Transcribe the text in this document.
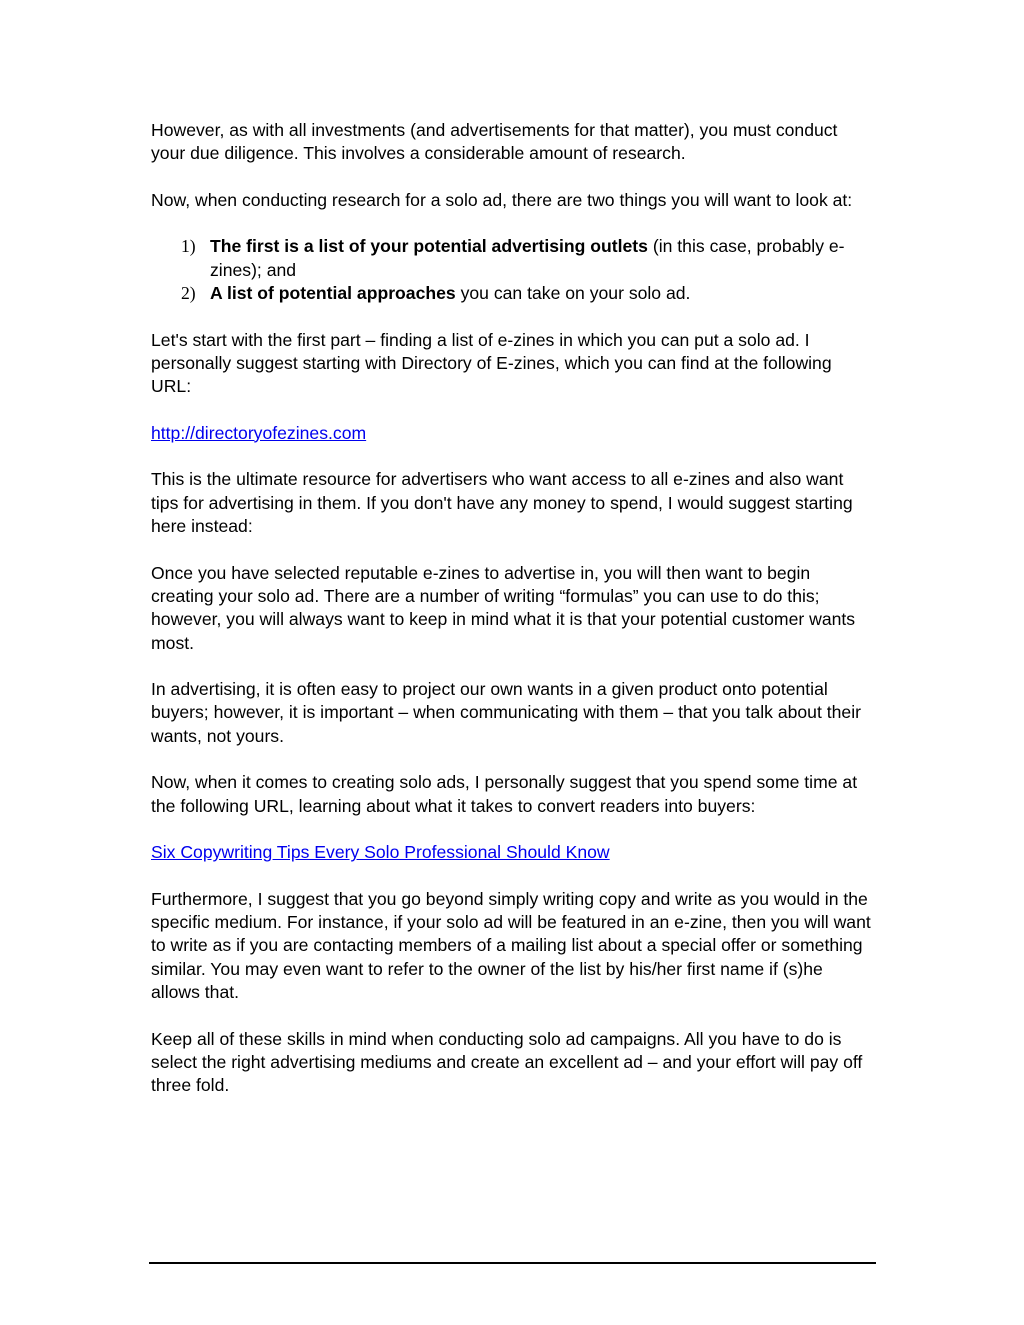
However, as with all investments (and advertisements for that matter), you must conduct your due diligence. This involves a considerable amount of research.

Now, when conducting research for a solo ad, there are two things you will want to look at:

1) The first is a list of your potential advertising outlets (in this case, probably e-zines); and
2) A list of potential approaches you can take on your solo ad.

Let's start with the first part – finding a list of e-zines in which you can put a solo ad. I personally suggest starting with Directory of E-zines, which you can find at the following URL:

http://directoryofezines.com

This is the ultimate resource for advertisers who want access to all e-zines and also want tips for advertising in them. If you don't have any money to spend, I would suggest starting here instead:

Once you have selected reputable e-zines to advertise in, you will then want to begin creating your solo ad. There are a number of writing “formulas” you can use to do this; however, you will always want to keep in mind what it is that your potential customer wants most.

In advertising, it is often easy to project our own wants in a given product onto potential buyers; however, it is important – when communicating with them – that you talk about their wants, not yours.

Now, when it comes to creating solo ads, I personally suggest that you spend some time at the following URL, learning about what it takes to convert readers into buyers:

Six Copywriting Tips Every Solo Professional Should Know

Furthermore, I suggest that you go beyond simply writing copy and write as you would in the specific medium. For instance, if your solo ad will be featured in an e-zine, then you will want to write as if you are contacting members of a mailing list about a special offer or something similar. You may even want to refer to the owner of the list by his/her first name if (s)he allows that.

Keep all of these skills in mind when conducting solo ad campaigns. All you have to do is select the right advertising mediums and create an excellent ad – and your effort will pay off three fold.
